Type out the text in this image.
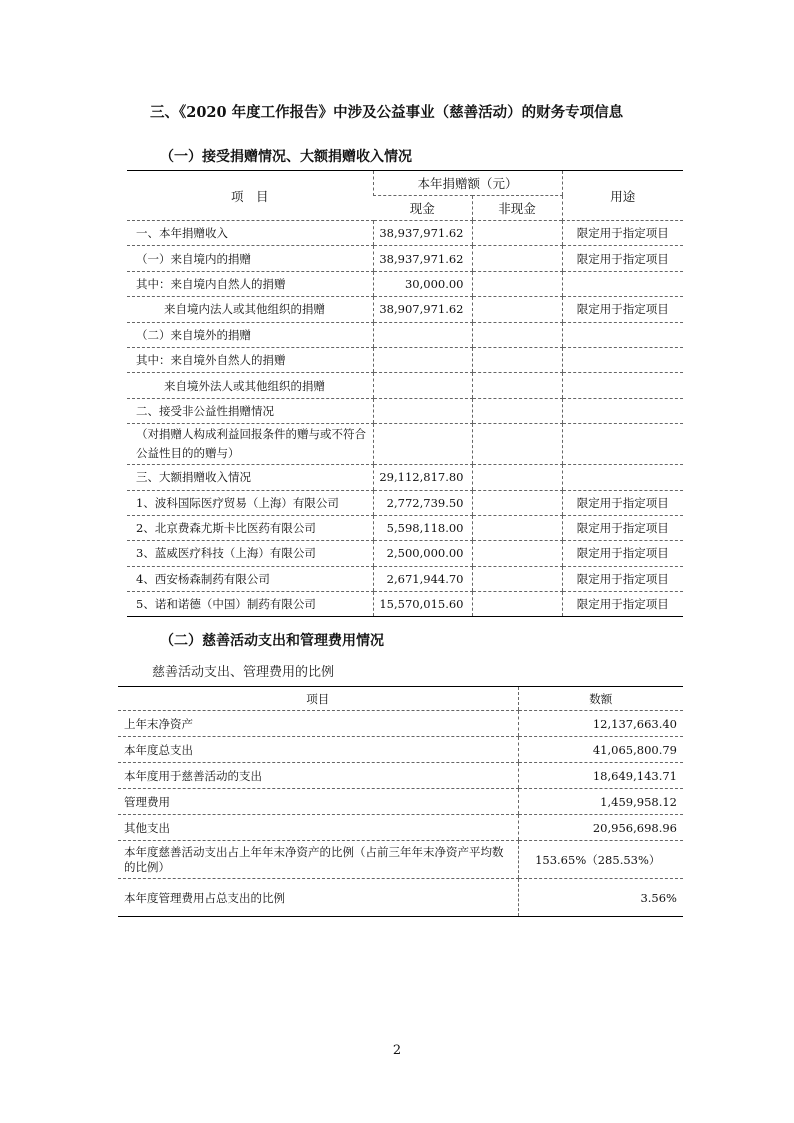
三、《2020 年度工作报告》中涉及公益事业（慈善活动）的财务专项信息
（一）接受捐赠情况、大额捐赠收入情况
项　目	本年捐赠额（元）		用途
	现金	非现金	
一、本年捐赠收入	38,937,971.62		限定用于指定项目
（一）来自境内的捐赠	38,937,971.62		限定用于指定项目
其中：来自境内自然人的捐赠	30,000.00		
来自境内法人或其他组织的捐赠	38,907,971.62		限定用于指定项目
（二）来自境外的捐赠			
其中：来自境外自然人的捐赠			
来自境外法人或其他组织的捐赠			
二、接受非公益性捐赠情况			
（对捐赠人构成利益回报条件的赠与或不符合公益性目的的赠与）			
三、大额捐赠收入情况	29,112,817.80		
1、波科国际医疗贸易（上海）有限公司	2,772,739.50		限定用于指定项目
2、北京费森尤斯卡比医药有限公司	5,598,118.00		限定用于指定项目
3、蓝威医疗科技（上海）有限公司	2,500,000.00		限定用于指定项目
4、西安杨森制药有限公司	2,671,944.70		限定用于指定项目
5、诺和诺德（中国）制药有限公司	15,570,015.60		限定用于指定项目
（二）慈善活动支出和管理费用情况
慈善活动支出、管理费用的比例
项目	数额
上年末净资产	12,137,663.40
本年度总支出	41,065,800.79
本年度用于慈善活动的支出	18,649,143.71
管理费用	1,459,958.12
其他支出	20,956,698.96
本年度慈善活动支出占上年年末净资产的比例（占前三年年末净资产平均数的比例）	153.65%（285.53%）
本年度管理费用占总支出的比例	3.56%
2
